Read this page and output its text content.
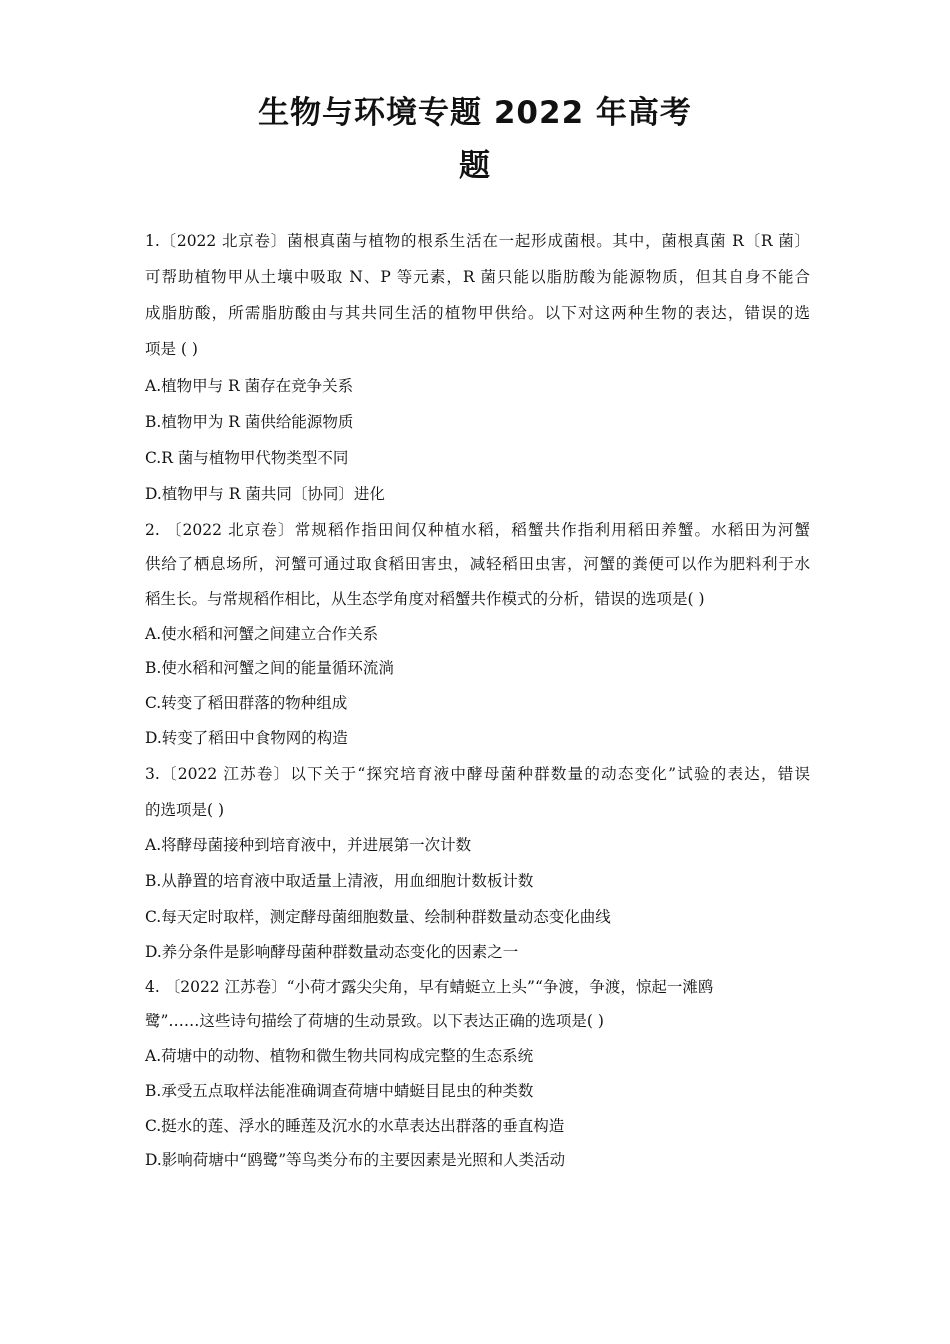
生物与环境专题 2022 年高考
题
1.〔2022 北京卷〕菌根真菌与植物的根系生活在一起形成菌根。其中，菌根真菌 R〔R 菌〕
可帮助植物甲从土壤中吸取 N、P 等元素，R 菌只能以脂肪酸为能源物质，但其自身不能合
成脂肪酸，所需脂肪酸由与其共同生活的植物甲供给。以下对这两种生物的表达，错误的选
项是 ( )
A.植物甲与 R 菌存在竞争关系
B.植物甲为 R 菌供给能源物质
C.R 菌与植物甲代物类型不同
D.植物甲与 R 菌共同〔协同〕进化
2. 〔2022 北京卷〕常规稻作指田间仅种植水稻，稻蟹共作指利用稻田养蟹。水稻田为河蟹
供给了栖息场所，河蟹可通过取食稻田害虫，减轻稻田虫害，河蟹的粪便可以作为肥料利于水
稻生长。与常规稻作相比，从生态学角度对稻蟹共作模式的分析，错误的选项是( )
A.使水稻和河蟹之间建立合作关系
B.使水稻和河蟹之间的能量循环流淌
C.转变了稻田群落的物种组成
D.转变了稻田中食物网的构造
3.〔2022 江苏卷〕以下关于“探究培育液中酵母菌种群数量的动态变化”试验的表达，错误
的选项是( )
A.将酵母菌接种到培育液中，并进展第一次计数
B.从静置的培育液中取适量上清液，用血细胞计数板计数
C.每天定时取样，测定酵母菌细胞数量、绘制种群数量动态变化曲线
D.养分条件是影响酵母菌种群数量动态变化的因素之一
4. 〔2022 江苏卷〕“小荷才露尖尖角，早有蜻蜓立上头”“争渡，争渡，惊起一滩鸥
鹭”……这些诗句描绘了荷塘的生动景致。以下表达正确的选项是( )
A.荷塘中的动物、植物和微生物共同构成完整的生态系统
B.承受五点取样法能准确调查荷塘中蜻蜓目昆虫的种类数
C.挺水的莲、浮水的睡莲及沉水的水草表达出群落的垂直构造
D.影响荷塘中“鸥鹭”等鸟类分布的主要因素是光照和人类活动
